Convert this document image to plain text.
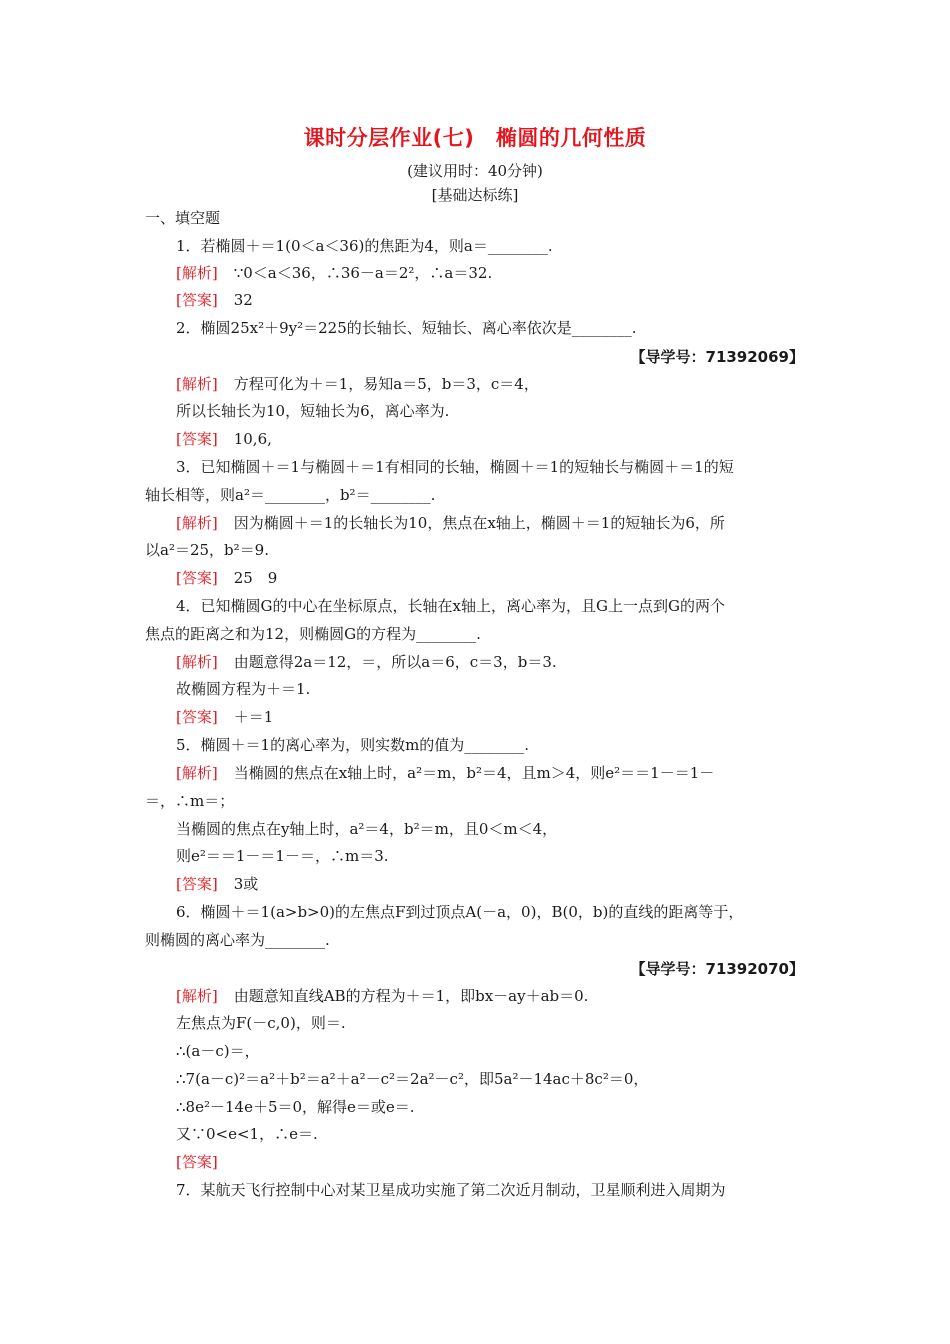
课时分层作业(七)　椭圆的几何性质
(建议用时：40分钟)
[基础达标练]
一、填空题
1．若椭圆＋＝1(0＜a＜36)的焦距为4，则a＝________.
[解析] ∵0＜a＜36，∴36－a＝2²，∴a＝32.
[答案] 32
2．椭圆25x²＋9y²＝225的长轴长、短轴长、离心率依次是________.
【导学号：71392069】
[解析] 方程可化为＋＝1，易知a＝5，b＝3，c＝4，
所以长轴长为10，短轴长为6，离心率为.
[答案] 10,6,
3．已知椭圆＋＝1与椭圆＋＝1有相同的长轴，椭圆＋＝1的短轴长与椭圆＋＝1的短
轴长相等，则a²＝________，b²＝________.
[解析] 因为椭圆＋＝1的长轴长为10，焦点在x轴上，椭圆＋＝1的短轴长为6，所
以a²＝25，b²＝9.
[答案] 25　9
4．已知椭圆G的中心在坐标原点，长轴在x轴上，离心率为，且G上一点到G的两个
焦点的距离之和为12，则椭圆G的方程为________.
[解析] 由题意得2a＝12，＝，所以a＝6，c＝3，b＝3.
故椭圆方程为＋＝1.
[答案] ＋＝1
5．椭圆＋＝1的离心率为，则实数m的值为________.
[解析] 当椭圆的焦点在x轴上时，a²＝m，b²＝4，且m＞4，则e²＝＝1－＝1－
＝，∴m＝；
当椭圆的焦点在y轴上时，a²＝4，b²＝m，且0＜m＜4，
则e²＝＝1－＝1－＝，∴m＝3.
[答案] 3或
6．椭圆＋＝1(a>b>0)的左焦点F到过顶点A(－a，0)，B(0，b)的直线的距离等于，
则椭圆的离心率为________.
【导学号：71392070】
[解析] 由题意知直线AB的方程为＋＝1，即bx－ay＋ab＝0.
左焦点为F(－c,0)，则＝.
∴(a－c)＝，
∴7(a－c)²＝a²＋b²＝a²＋a²－c²＝2a²－c²，即5a²－14ac＋8c²＝0，
∴8e²－14e＋5＝0，解得e＝或e＝.
又∵0<e<1，∴e＝.
[答案]
7．某航天飞行控制中心对某卫星成功实施了第二次近月制动，卫星顺利进入周期为
